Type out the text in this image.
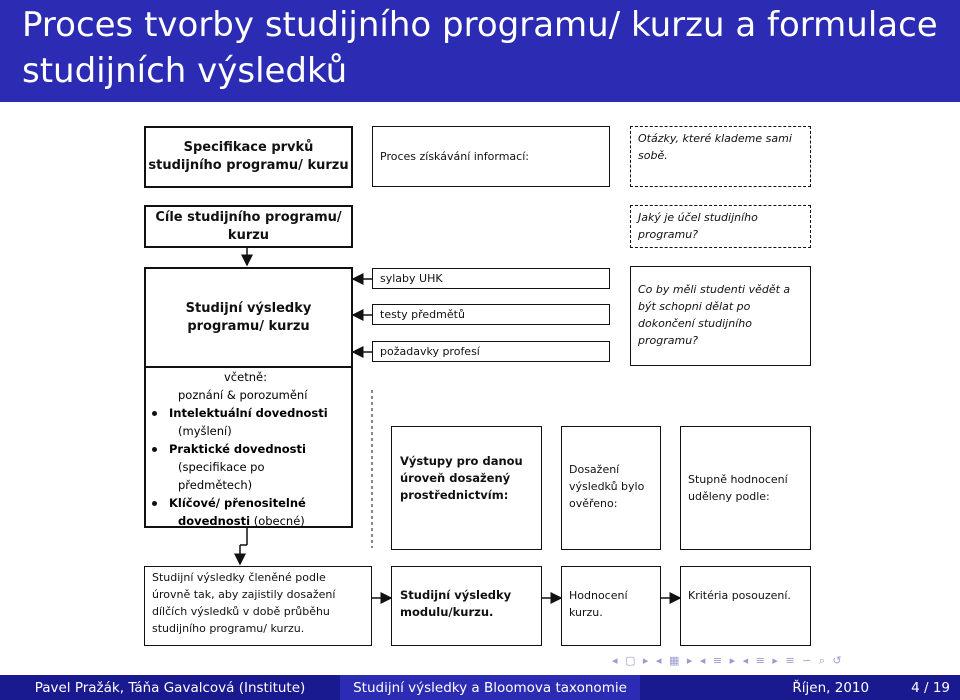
Proces tvorby studijního programu/ kurzu a formulace studijních výsledků
Specifikace prvků studijního programu/ kurzu
Proces získávání informací:
Otázky, které klademe sami sobě.
Cíle studijního programu/ kurzu
Jaký je účel studijního programu?
Studijní výsledky programu/ kurzu
včetně:
poznání & porozumění
Intelektuální dovednosti
(myšlení)
Praktické dovednosti
(specifikace po
předmětech)
Klíčové/ přenositelné
dovednosti (obecné)
sylaby UHK
testy předmětů
požadavky profesí
Co by měli studenti vědět a být schopni dělat po dokončení studijního programu?
Výstupy pro danou úroveň dosažený prostřednictvím:
Dosažení výsledků bylo ověřeno:
Stupně hodnocení uděleny podle:
Studijní výsledky členěné podle úrovně tak, aby zajistily dosažení dílčích výsledků v době průběhu studijního programu/ kurzu.
Studijní výsledky modulu/kurzu.
Hodnocení kurzu.
Kritéria posouzení.
◂ ▢ ▸ ◂ ▦ ▸ ◂ ≡ ▸ ◂ ≡ ▸ ≡ ∽ ⌕ ↺
Pavel Pražák, Táňa Gavalcová (Institute)	Studijní výsledky a Bloomova taxonomie	Říjen, 2010	4 / 19
